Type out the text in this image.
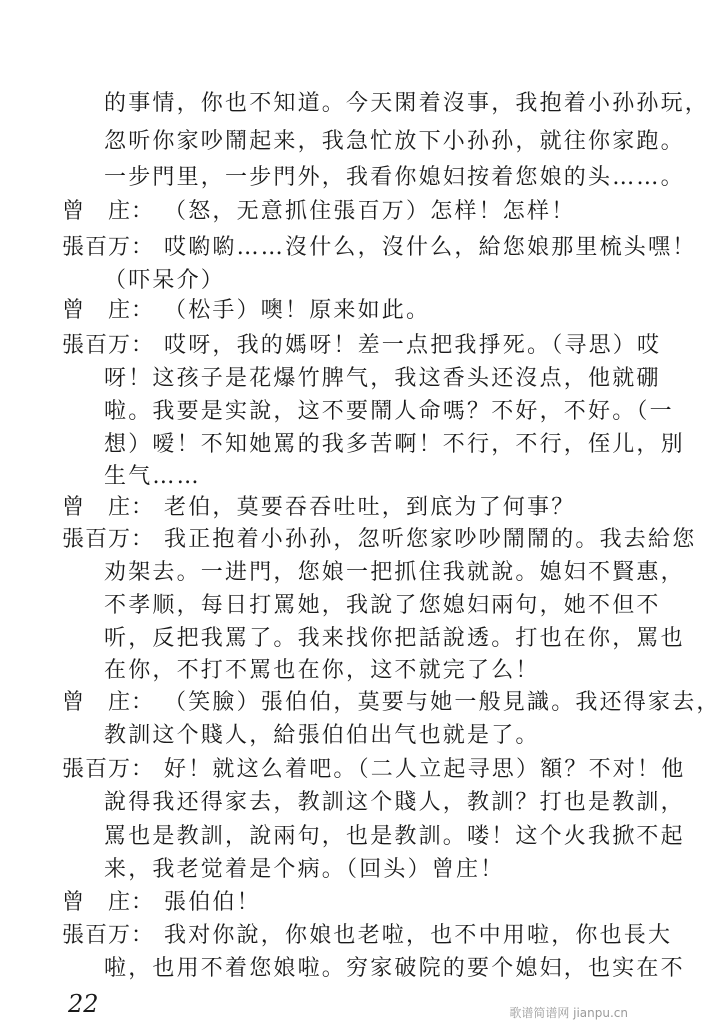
的事情，你也不知道。今天閑着沒事，我抱着小孙孙玩，
忽听你家吵鬧起来，我急忙放下小孙孙，就往你家跑。
一步門里，一步門外，我看你媳妇按着您娘的头……。
曾　庄： （怒，无意抓住張百万）怎样！怎样！
張百万： 哎喲喲……沒什么，沒什么，給您娘那里梳头嘿！
（吓呆介）
曾　庄： （松手）噢！原来如此。
張百万： 哎呀，我的媽呀！差一点把我掙死。（寻思）哎
呀！这孩子是花爆竹脾气，我这香头还沒点，他就硼
啦。我要是实說，这不要鬧人命嗎？不好，不好。（一
想）嗳！不知她罵的我多苦啊！不行，不行，侄儿，別
生气……
曾　庄： 老伯，莫要吞吞吐吐，到底为了何事？
張百万： 我正抱着小孙孙，忽听您家吵吵鬧鬧的。我去給您
劝架去。一进門，您娘一把抓住我就說。媳妇不賢惠，
不孝顺，每日打罵她，我說了您媳妇兩句，她不但不
听，反把我罵了。我来找你把話說透。打也在你，罵也
在你，不打不罵也在你，这不就完了么！
曾　庄： （笑臉）張伯伯，莫要与她一般見識。我还得家去，
教訓这个賤人，給張伯伯出气也就是了。
張百万： 好！就这么着吧。（二人立起寻思）額？不对！他
說得我还得家去，教訓这个賤人，教訓？打也是教訓，
罵也是教訓，說兩句，也是教訓。喽！这个火我掀不起
来，我老觉着是个病。（回头）曾庄！
曾　庄： 張伯伯！
張百万： 我对你說，你娘也老啦，也不中用啦，你也長大
啦，也用不着您娘啦。穷家破院的要个媳妇，也实在不
22	歌谱简谱网 jianpu.cn
